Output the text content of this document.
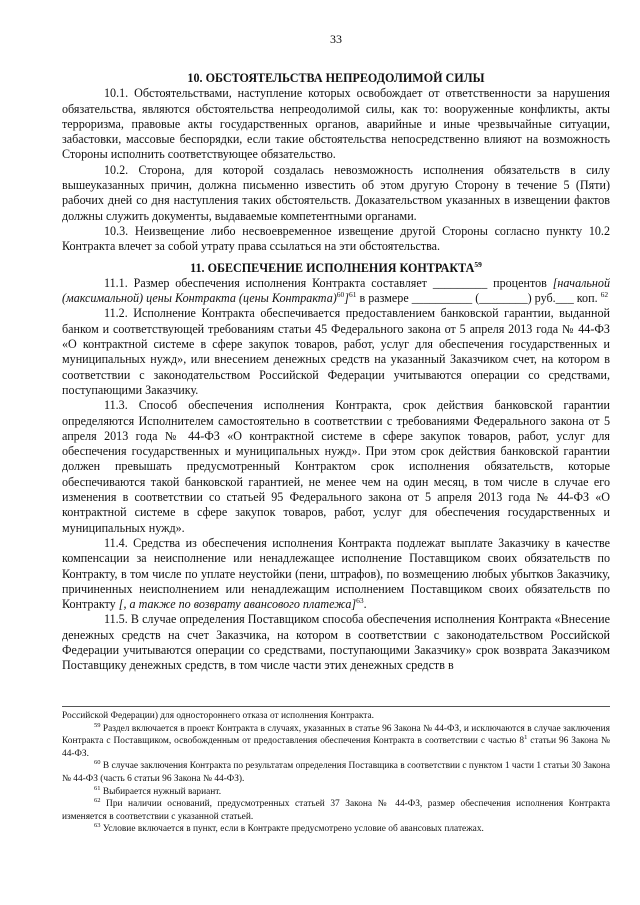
33
10. ОБСТОЯТЕЛЬСТВА НЕПРЕОДОЛИМОЙ СИЛЫ

10.1. Обстоятельствами, наступление которых освобождает от ответственности за нарушения обязательства, являются обстоятельства непреодолимой силы, как то: вооруженные конфликты, акты терроризма, правовые акты государственных органов, аварийные и иные чрезвычайные ситуации, забастовки, массовые беспорядки, если такие обстоятельства непосредственно влияют на возможность Стороны исполнить соответствующее обязательство.

10.2. Сторона, для которой создалась невозможность исполнения обязательств в силу вышеуказанных причин, должна письменно известить об этом другую Сторону в течение 5 (Пяти) рабочих дней со дня наступления таких обстоятельств. Доказательством указанных в извещении фактов должны служить документы, выдаваемые компетентными органами.

10.3. Неизвещение либо несвоевременное извещение другой Стороны согласно пункту 10.2 Контракта влечет за собой утрату права ссылаться на эти обстоятельства.

11. ОБЕСПЕЧЕНИЕ ИСПОЛНЕНИЯ КОНТРАКТА$^{59}$

11.1. Размер обеспечения исполнения Контракта составляет _________ процентов [начальной (максимальной) цены Контракта (цены Контракта)$^{60}$]$^{61}$ в размере __________ (________) руб.___ коп. $^{62}$

11.2. Исполнение Контракта обеспечивается предоставлением банковской гарантии, выданной банком и соответствующей требованиям статьи 45 Федерального закона от 5 апреля 2013 года № 44-ФЗ «О контрактной системе в сфере закупок товаров, работ, услуг для обеспечения государственных и муниципальных нужд», или внесением денежных средств на указанный Заказчиком счет, на котором в соответствии с законодательством Российской Федерации учитываются операции со средствами, поступающими Заказчику.

11.3. Способ обеспечения исполнения Контракта, срок действия банковской гарантии определяются Исполнителем самостоятельно в соответствии с требованиями Федерального закона от 5 апреля 2013 года № 44-ФЗ «О контрактной системе в сфере закупок товаров, работ, услуг для обеспечения государственных и муниципальных нужд». При этом срок действия банковской гарантии должен превышать предусмотренный Контрактом срок исполнения обязательств, которые обеспечиваются такой банковской гарантией, не менее чем на один месяц, в том числе в случае его изменения в соответствии со статьей 95 Федерального закона от 5 апреля 2013 года № 44-ФЗ «О контрактной системе в сфере закупок товаров, работ, услуг для обеспечения государственных и муниципальных нужд».

11.4. Средства из обеспечения исполнения Контракта подлежат выплате Заказчику в качестве компенсации за неисполнение или ненадлежащее исполнение Поставщиком своих обязательств по Контракту, в том числе по уплате неустойки (пени, штрафов), по возмещению любых убытков Заказчику, причиненных неисполнением или ненадлежащим исполнением Поставщиком своих обязательств по Контракту [, а также по возврату авансового платежа]$^{63}$.

11.5. В случае определения Поставщиком способа обеспечения исполнения Контракта «Внесение денежных средств на счет Заказчика, на котором в соответствии с законодательством Российской Федерации учитываются операции со средствами, поступающими Заказчику» срок возврата Заказчиком Поставщику денежных средств, в том числе части этих денежных средств в

Российской Федерации) для одностороннего отказа от исполнения Контракта.

$^{59}$ Раздел включается в проект Контракта в случаях, указанных в статье 96 Закона № 44-ФЗ, и исключаются в случае заключения Контракта с Поставщиком, освобожденным от предоставления обеспечения Контракта в соответствии с частью $8^1$ статьи 96 Закона № 44-ФЗ.

$^{60}$ В случае заключения Контракта по результатам определения Поставщика в соответствии с пунктом 1 части 1 статьи 30 Закона № 44-ФЗ (часть 6 статьи 96 Закона № 44-ФЗ).

$^{61}$ Выбирается нужный вариант.

$^{62}$ При наличии оснований, предусмотренных статьей 37 Закона № 44-ФЗ, размер обеспечения исполнения Контракта изменяется в соответствии с указанной статьей.

$^{63}$ Условие включается в пункт, если в Контракте предусмотрено условие об авансовых платежах.
